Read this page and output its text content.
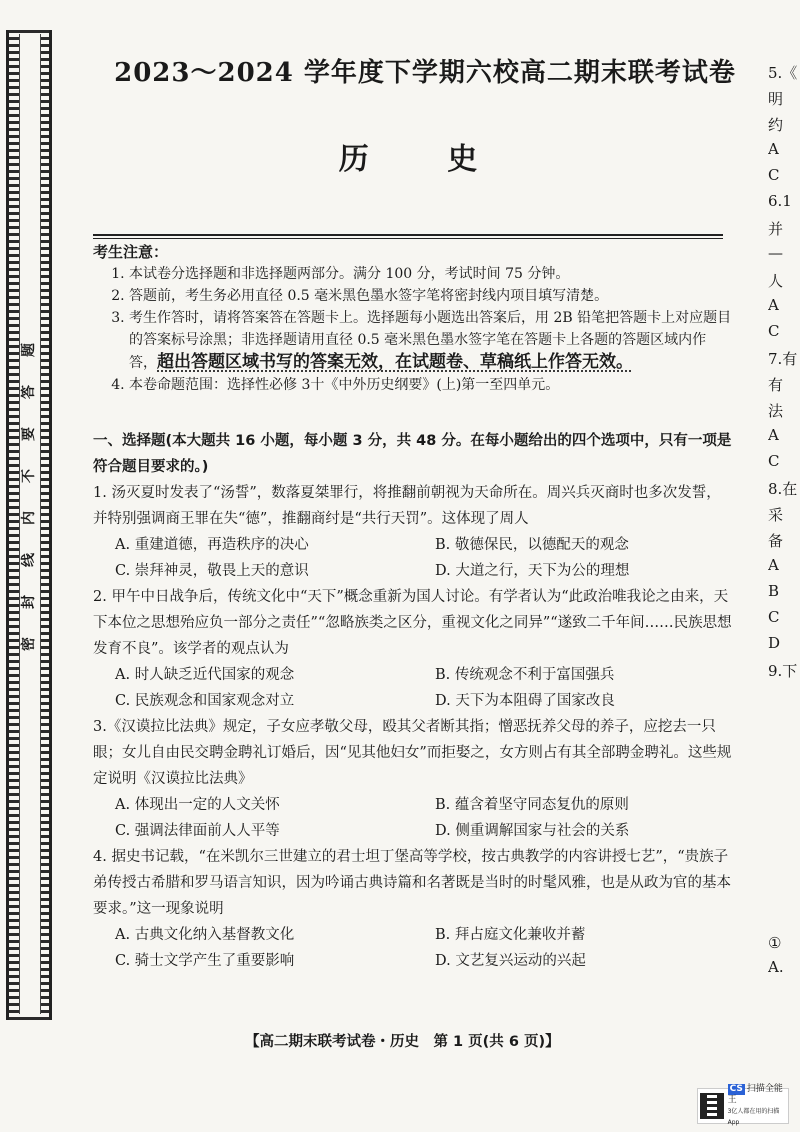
题
答
要
不
内
线
封
密
2023～2024 学年度下学期六校高二期末联考试卷
历 史
考生注意：
1. 本试卷分选择题和非选择题两部分。满分 100 分，考试时间 75 分钟。
2. 答题前，考生务必用直径 0.5 毫米黑色墨水签字笔将密封线内项目填写清楚。
3. 考生作答时，请将答案答在答题卡上。选择题每小题选出答案后，用 2B 铅笔把答题卡上对应题目的答案标号涂黑；非选择题请用直径 0.5 毫米黑色墨水签字笔在答题卡上各题的答题区域内作答，超出答题区域书写的答案无效，在试题卷、草稿纸上作答无效。
4. 本卷命题范围：选择性必修 3十《中外历史纲要》(上)第一至四单元。
一、选择题(本大题共 16 小题，每小题 3 分，共 48 分。在每小题给出的四个选项中，只有一项是符合题目要求的。)
1. 汤灭夏时发表了“汤誓”，数落夏桀罪行，将推翻前朝视为天命所在。周兴兵灭商时也多次发誓，并特别强调商王罪在失“德”，推翻商纣是“共行天罚”。这体现了周人
A. 重建道德，再造秩序的决心	B. 敬德保民，以德配天的观念
C. 崇拜神灵，敬畏上天的意识	D. 大道之行，天下为公的理想
2. 甲午中日战争后，传统文化中“天下”概念重新为国人讨论。有学者认为“此政治唯我论之由来，天下本位之思想殆应负一部分之责任”“忽略族类之区分，重视文化之同异”“遂致二千年间……民族思想发育不良”。该学者的观点认为
A. 时人缺乏近代国家的观念	B. 传统观念不利于富国强兵
C. 民族观念和国家观念对立	D. 天下为本阻碍了国家改良
3.《汉谟拉比法典》规定，子女应孝敬父母，殴其父者断其指；憎恶抚养父母的养子，应挖去一只眼；女儿自由民交聘金聘礼订婚后，因“见其他妇女”而拒娶之，女方则占有其全部聘金聘礼。这些规定说明《汉谟拉比法典》
A. 体现出一定的人文关怀	B. 蕴含着坚守同态复仇的原则
C. 强调法律面前人人平等	D. 侧重调解国家与社会的关系
4. 据史书记载，“在米凯尔三世建立的君士坦丁堡高等学校，按古典教学的内容讲授七艺”，“贵族子弟传授古希腊和罗马语言知识，因为吟诵古典诗篇和名著既是当时的时髦风雅，也是从政为官的基本要求。”这一现象说明
A. 古典文化纳入基督教文化	B. 拜占庭文化兼收并蓄
C. 骑士文学产生了重要影响	D. 文艺复兴运动的兴起
【高二期末联考试卷・历史　第 1 页(共 6 页)】
5.《
明
约
A
C
6.1
并
—
人
A
C
7.有
有
法
A
C
8.在
采
备
A
B
C
D
9.下
①
A.
CS 扫描全能王
3亿人都在用的扫描App
